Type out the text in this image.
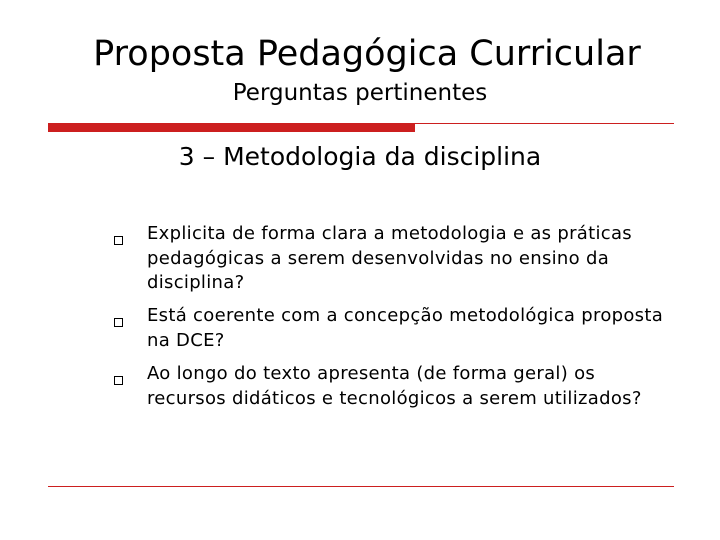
Proposta Pedagógica Curricular
Perguntas pertinentes
3 – Metodologia da disciplina
Explicita de forma clara a metodologia e as práticas pedagógicas a serem desenvolvidas no ensino da disciplina?
Está coerente com a concepção metodológica proposta na DCE?
Ao longo do texto apresenta (de forma geral) os recursos didáticos e tecnológicos a serem utilizados?
